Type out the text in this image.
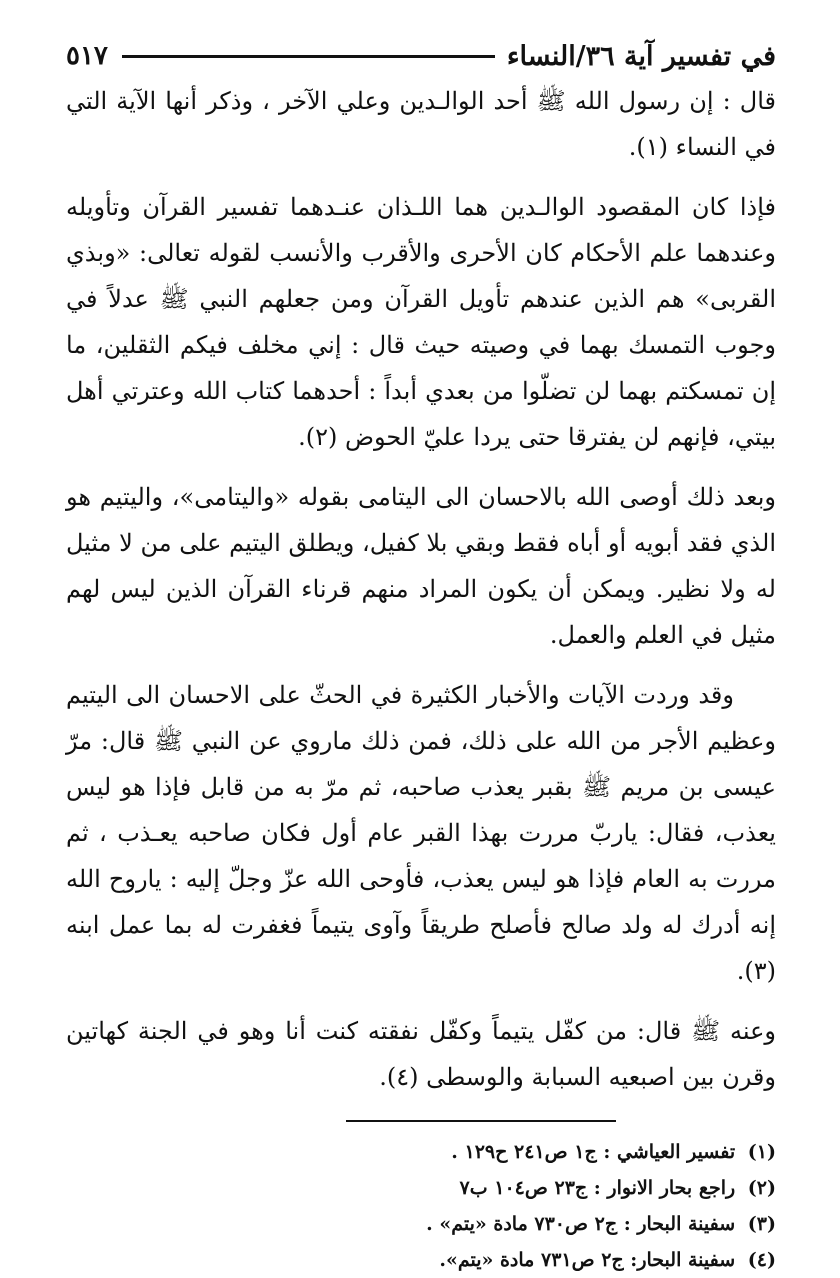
في تفسير آية ٣٦/النساء
٥١٧

قال : إن رسول الله ﷺ أحد الوالـدين وعلي الآخر ، وذكر أنها الآية التي في النساء (١).

فإذا كان المقصود الوالـدين هما اللـذان عنـدهما تفسير القرآن وتأويله وعندهما علم الأحكام كان الأحرى والأقرب والأنسب لقوله تعالى: «وبذي القربى» هم الذين عندهم تأويل القرآن ومن جعلهم النبي ﷺ عدلاً في وجوب التمسك بهما في وصيته حيث قال : إني مخلف فيكم الثقلين، ما إن تمسكتم بهما لن تضلّوا من بعدي أبداً : أحدهما كتاب الله وعترتي أهل بيتي، فإنهم لن يفترقا حتى يردا عليّ الحوض (٢).

وبعد ذلك أوصى الله بالاحسان الى اليتامى بقوله «واليتامى»، واليتيم هو الذي فقد أبويه أو أباه فقط وبقي بلا كفيل، ويطلق اليتيم على من لا مثيل له ولا نظير. ويمكن أن يكون المراد منهم قرناء القرآن الذين ليس لهم مثيل في العلم والعمل.

وقد وردت الآيات والأخبار الكثيرة في الحثّ على الاحسان الى اليتيم وعظيم الأجر من الله على ذلك، فمن ذلك ماروي عن النبي ﷺ قال: مرّ عيسى بن مريم ﷺ بقبر يعذب صاحبه، ثم مرّ به من قابل فإذا هو ليس يعذب، فقال: ياربّ مررت بهذا القبر عام أول فكان صاحبه يعـذب ، ثم مررت به العام فإذا هو ليس يعذب، فأوحى الله عزّ وجلّ إليه : ياروح الله إنه أدرك له ولد صالح فأصلح طريقاً وآوى يتيماً فغفرت له بما عمل ابنه (٣).

وعنه ﷺ قال: من كفّل يتيماً وكفّل نفقته كنت أنا وهو في الجنة كهاتين وقرن بين اصبعيه السبابة والوسطى (٤).

(١) تفسير العياشي : ج١ ص٢٤١ ح١٢٩ .
(٢) راجع بحار الانوار : ج٢٣ ص١٠٤ ب٧
(٣) سفينة البحار : ج٢ ص٧٣٠ مادة «يتم» .
(٤) سفينة البحار: ج٢ ص٧٣١ مادة «يتم».
